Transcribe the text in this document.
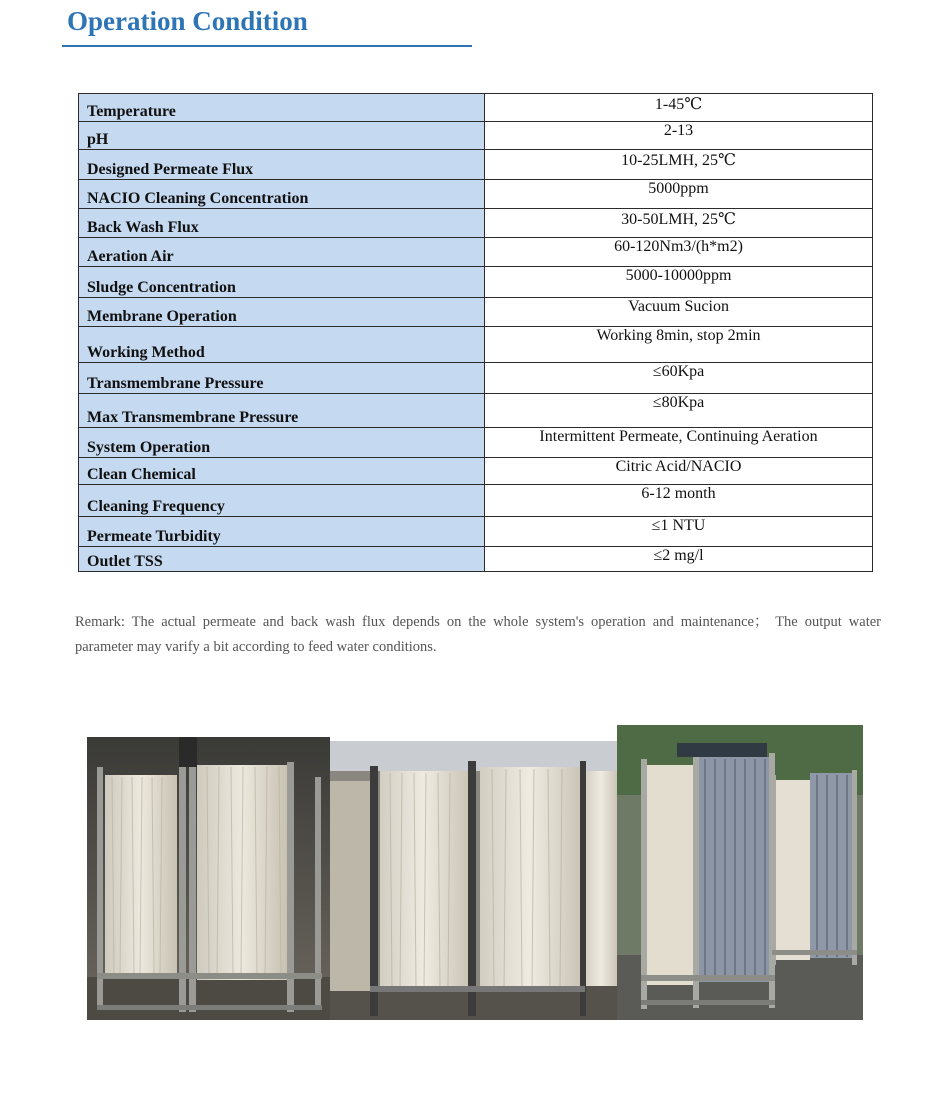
Operation Condition
Temperature	1-45℃
pH	2-13
Designed Permeate Flux	10-25LMH, 25℃
NACIO Cleaning Concentration	5000ppm
Back Wash Flux	30-50LMH, 25℃
Aeration Air	60-120Nm3/(h*m2)
Sludge Concentration	5000-10000ppm
Membrane Operation	Vacuum Sucion
Working Method	Working 8min, stop 2min
Transmembrane Pressure	≤60Kpa
Max Transmembrane Pressure	≤80Kpa
System Operation	Intermittent Permeate, Continuing Aeration
Clean Chemical	Citric Acid/NACIO
Cleaning Frequency	6-12 month
Permeate Turbidity	≤1 NTU
Outlet TSS	≤2 mg/l

Remark: The actual permeate and back wash flux depends on the whole system's operation and maintenance； The output water parameter may varify a bit according to feed water conditions.
